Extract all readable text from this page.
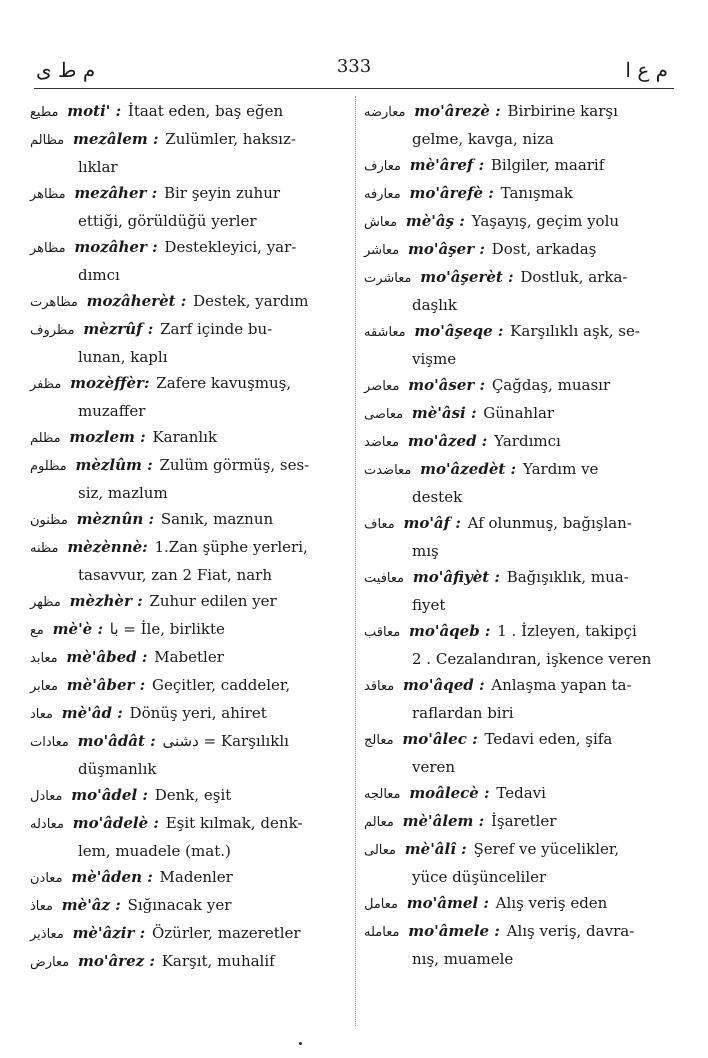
م ط ى	333	م ع ا
مطيع moti' : İtaat eden, baş eğen
مظالم mezâlem : Zulümler, haksız-
lıklar
مظاهر mezâher : Bir şeyin zuhur
ettiği, görüldüğü yerler
مظاهر mozâher : Destekleyici, yar-
dımcı
مظاهرت mozâherèt : Destek, yardım
مظروف mèzrûf : Zarf içinde bu-
lunan, kaplı
مظفر mozèffèr: Zafere kavuşmuş,
muzaffer
مظلم mozlem : Karanlık
مظلوم mèzlûm : Zulüm görmüş, ses-
siz, mazlum
مظنون mèznûn : Sanık, maznun
مظنه mèzènnè: 1.Zan şüphe yerleri,
tasavvur, zan 2 Fiat, narh
مظهر mèzhèr : Zuhur edilen yer
مع mè'è : با = İle, birlikte
معابد mè'âbed : Mabetler
معابر mè'âber : Geçitler, caddeler,
معاد mè'âd : Dönüş yeri, ahiret
معادات mo'âdât : دشنى = Karşılıklı
düşmanlık
معادل mo'âdel : Denk, eşit
معادله mo'âdelè : Eşit kılmak, denk-
lem, muadele (mat.)
معادن mè'âden : Madenler
معاذ mè'âz : Sığınacak yer
معاذير mè'âzir : Özürler, mazeretler
معارض mo'ârez : Karşıt, muhalif
معارضه mo'ârezè : Birbirine karşı
gelme, kavga, niza
معارف mè'âref : Bilgiler, maarif
معارفه mo'ârefè : Tanışmak
معاش mè'âş : Yaşayış, geçim yolu
معاشر mo'âşer : Dost, arkadaş
معاشرت mo'âşerèt : Dostluk, arka-
daşlık
معاشقه mo'âşeqe : Karşılıklı aşk, se-
vişme
معاصر mo'âser : Çağdaş, muasır
معاصى mè'âsi : Günahlar
معاضد mo'âzed : Yardımcı
معاضدت mo'âzedèt : Yardım ve
destek
معاف mo'âf : Af olunmuş, bağışlan-
mış
معافيت mo'âfiyèt : Bağışıklık, mua-
fiyet
معاقب mo'âqeb : 1 . İzleyen, takipçi
2 . Cezalandıran, işkence veren
معاقد mo'âqed : Anlaşma yapan ta-
raflardan biri
معالج mo'âlec : Tedavi eden, şifa
veren
معالجه moâlecè : Tedavi
معالم mè'âlem : İşaretler
معالى mè'âlî : Şeref ve yücelikler,
yüce düşünceliler
معامل mo'âmel : Alış veriş eden
معامله mo'âmele : Alış veriş, davra-
nış, muamele
